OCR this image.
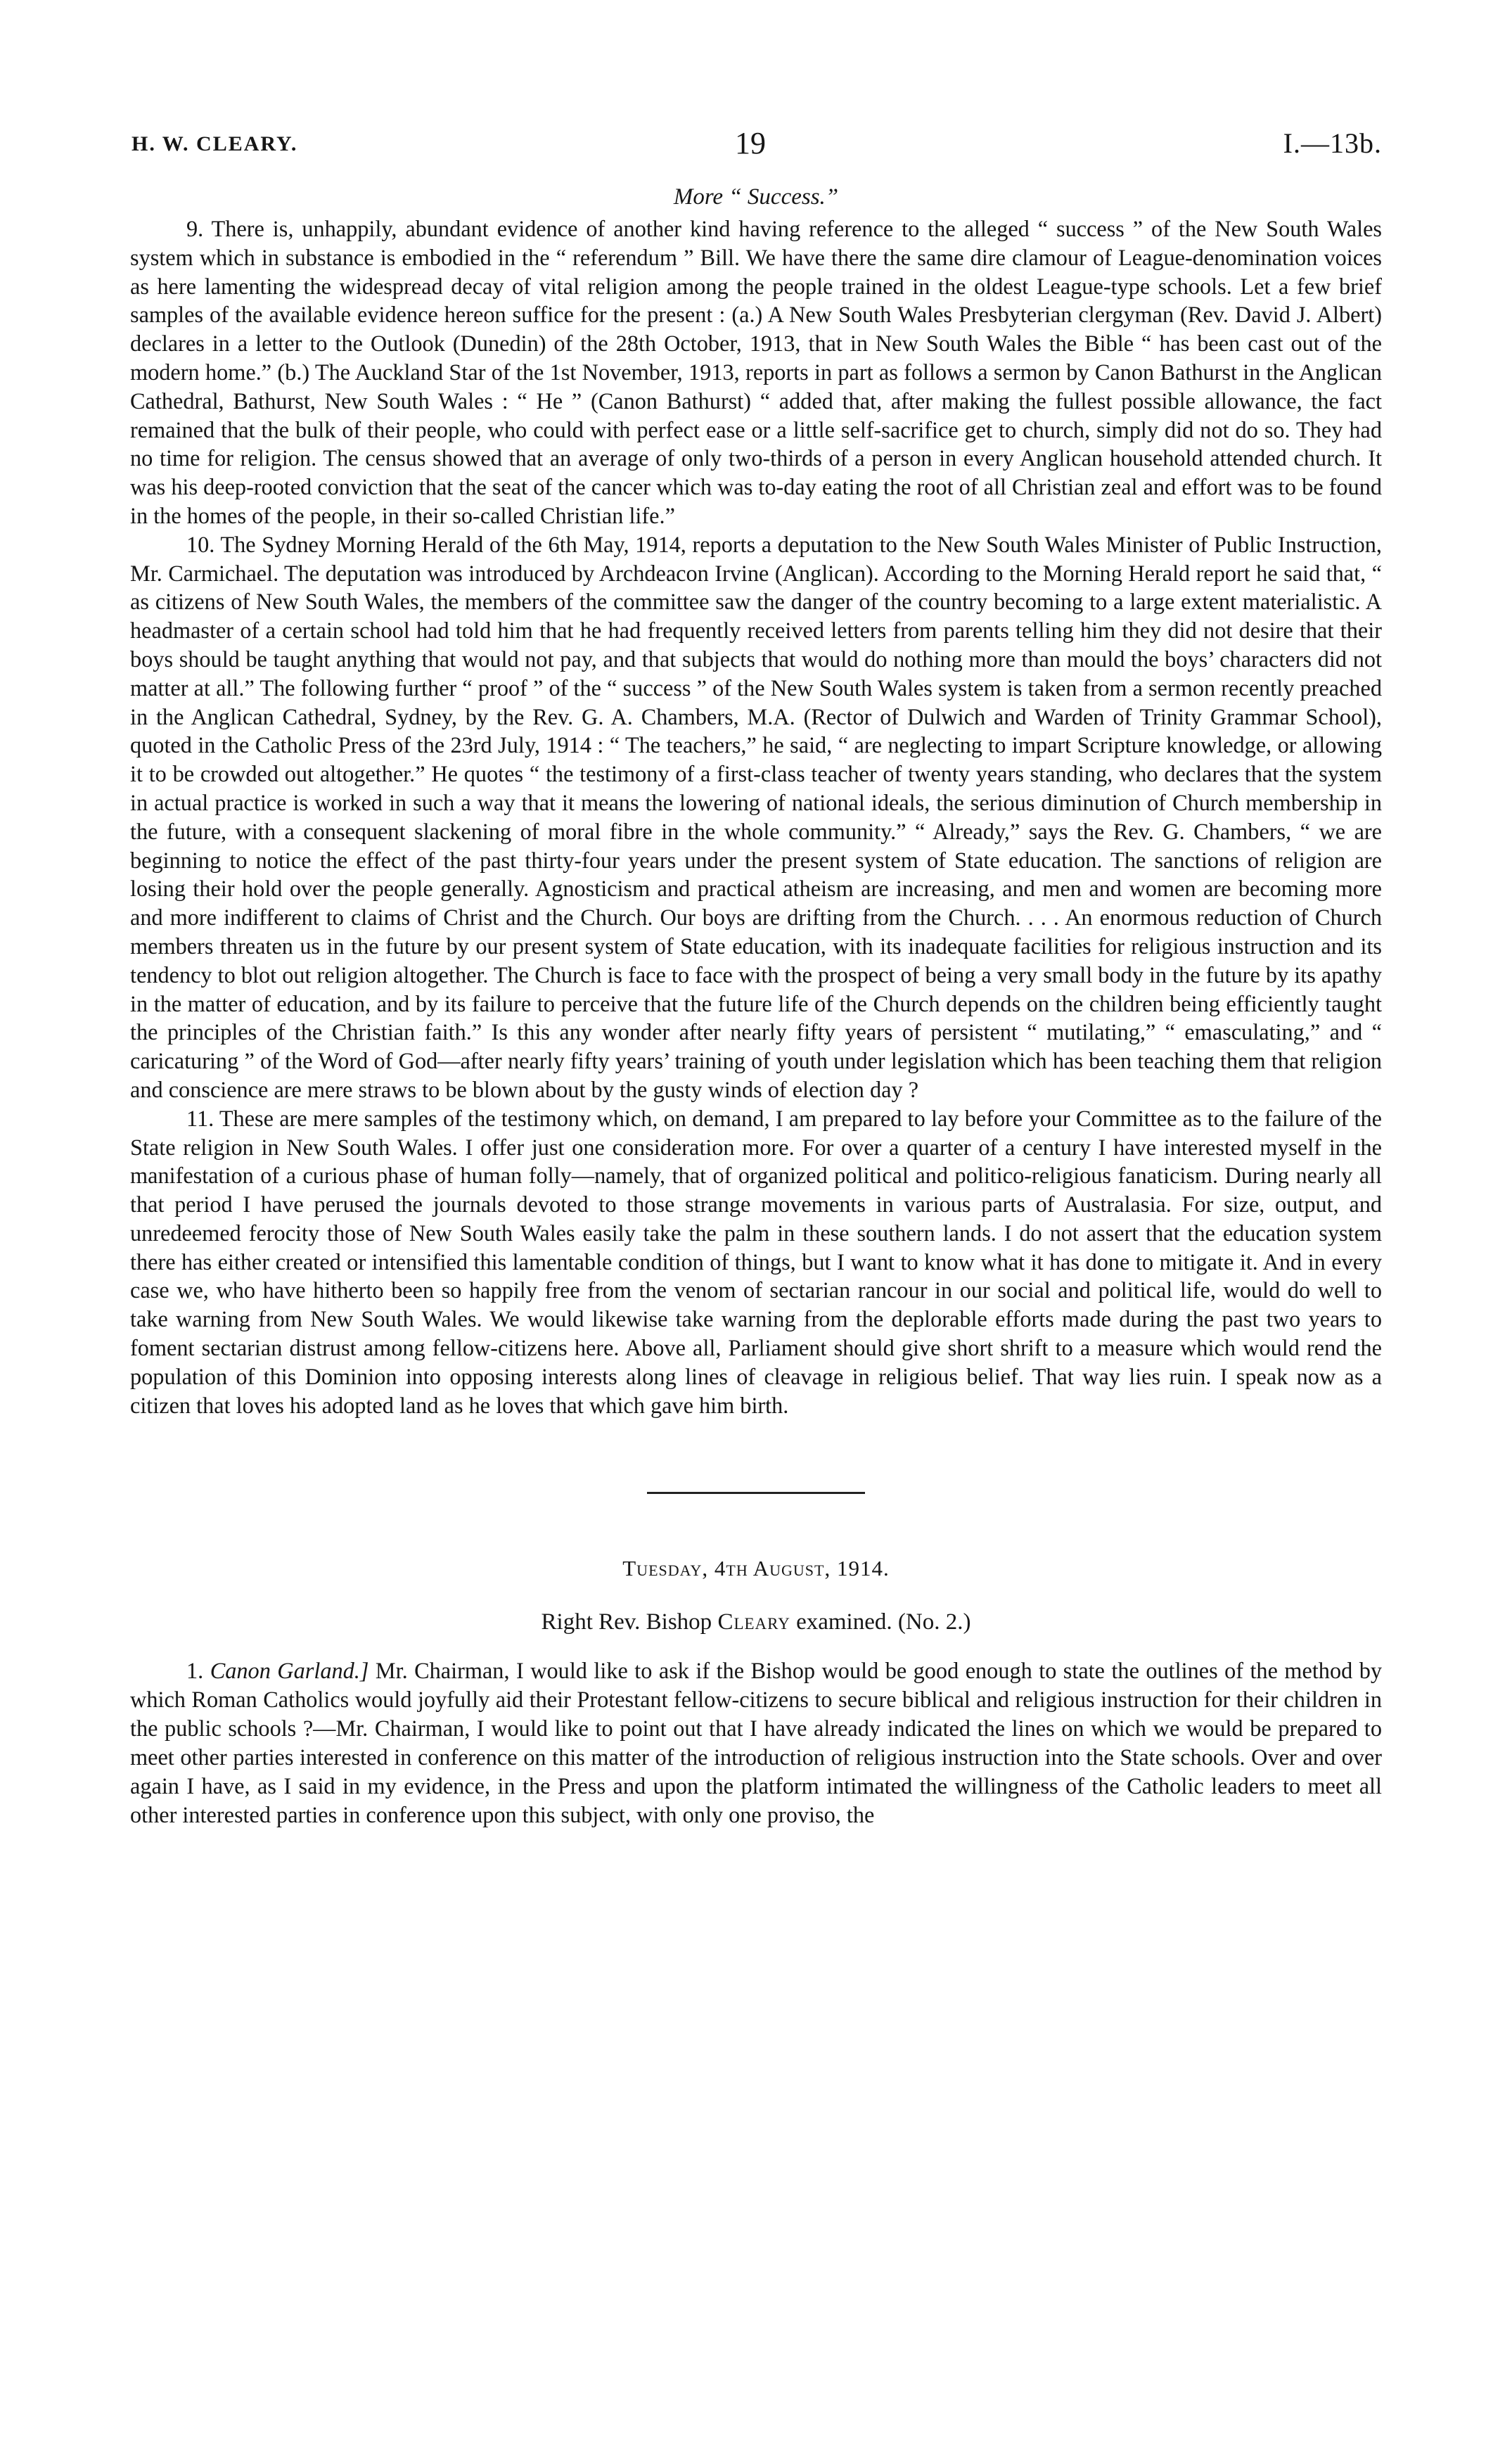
H. W. CLEARY.	19	I.—13b.
More “ Success.”

9. There is, unhappily, abundant evidence of another kind having reference to the alleged “ success ” of the New South Wales system which in substance is embodied in the “ referendum ” Bill. We have there the same dire clamour of League-denomination voices as here lamenting the widespread decay of vital religion among the people trained in the oldest League-type schools. Let a few brief samples of the available evidence hereon suffice for the present : (a.) A New South Wales Presbyterian clergyman (Rev. David J. Albert) declares in a letter to the Outlook (Dunedin) of the 28th October, 1913, that in New South Wales the Bible “ has been cast out of the modern home.” (b.) The Auckland Star of the 1st November, 1913, reports in part as follows a sermon by Canon Bathurst in the Anglican Cathedral, Bathurst, New South Wales : “ He ” (Canon Bathurst) “ added that, after making the fullest possible allowance, the fact remained that the bulk of their people, who could with perfect ease or a little self-sacrifice get to church, simply did not do so. They had no time for religion. The census showed that an average of only two-thirds of a person in every Anglican household attended church. It was his deep-rooted conviction that the seat of the cancer which was to-day eating the root of all Christian zeal and effort was to be found in the homes of the people, in their so-called Christian life.”

10. The Sydney Morning Herald of the 6th May, 1914, reports a deputation to the New South Wales Minister of Public Instruction, Mr. Carmichael. The deputation was introduced by Archdeacon Irvine (Anglican). According to the Morning Herald report he said that, “ as citizens of New South Wales, the members of the committee saw the danger of the country becoming to a large extent materialistic. A headmaster of a certain school had told him that he had frequently received letters from parents telling him they did not desire that their boys should be taught anything that would not pay, and that subjects that would do nothing more than mould the boys’ characters did not matter at all.” The following further “ proof ” of the “ success ” of the New South Wales system is taken from a sermon recently preached in the Anglican Cathedral, Sydney, by the Rev. G. A. Chambers, M.A. (Rector of Dulwich and Warden of Trinity Grammar School), quoted in the Catholic Press of the 23rd July, 1914 : “ The teachers,” he said, “ are neglecting to impart Scripture knowledge, or allowing it to be crowded out altogether.” He quotes “ the testimony of a first-class teacher of twenty years standing, who declares that the system in actual practice is worked in such a way that it means the lowering of national ideals, the serious diminution of Church membership in the future, with a consequent slackening of moral fibre in the whole community.” “ Already,” says the Rev. G. Chambers, “ we are beginning to notice the effect of the past thirty-four years under the present system of State education. The sanctions of religion are losing their hold over the people generally. Agnosticism and practical atheism are increasing, and men and women are becoming more and more indifferent to claims of Christ and the Church. Our boys are drifting from the Church. . . . An enormous reduction of Church members threaten us in the future by our present system of State education, with its inadequate facilities for religious instruction and its tendency to blot out religion altogether. The Church is face to face with the prospect of being a very small body in the future by its apathy in the matter of education, and by its failure to perceive that the future life of the Church depends on the children being efficiently taught the principles of the Christian faith.” Is this any wonder after nearly fifty years of persistent “ mutilating,” “ emasculating,” and “ caricaturing ” of the Word of God—after nearly fifty years’ training of youth under legislation which has been teaching them that religion and conscience are mere straws to be blown about by the gusty winds of election day ?

11. These are mere samples of the testimony which, on demand, I am prepared to lay before your Committee as to the failure of the State religion in New South Wales. I offer just one consideration more. For over a quarter of a century I have interested myself in the manifestation of a curious phase of human folly—namely, that of organized political and politico-religious fanaticism. During nearly all that period I have perused the journals devoted to those strange movements in various parts of Australasia. For size, output, and unredeemed ferocity those of New South Wales easily take the palm in these southern lands. I do not assert that the education system there has either created or intensified this lamentable condition of things, but I want to know what it has done to mitigate it. And in every case we, who have hitherto been so happily free from the venom of sectarian rancour in our social and political life, would do well to take warning from New South Wales. We would likewise take warning from the deplorable efforts made during the past two years to foment sectarian distrust among fellow-citizens here. Above all, Parliament should give short shrift to a measure which would rend the population of this Dominion into opposing interests along lines of cleavage in religious belief. That way lies ruin. I speak now as a citizen that loves his adopted land as he loves that which gave him birth.

Tuesday, 4th August, 1914.
Right Rev. Bishop Cleary examined. (No. 2.)

1. Canon Garland.] Mr. Chairman, I would like to ask if the Bishop would be good enough to state the outlines of the method by which Roman Catholics would joyfully aid their Protestant fellow-citizens to secure biblical and religious instruction for their children in the public schools ?—Mr. Chairman, I would like to point out that I have already indicated the lines on which we would be prepared to meet other parties interested in conference on this matter of the introduction of religious instruction into the State schools. Over and over again I have, as I said in my evidence, in the Press and upon the platform intimated the willingness of the Catholic leaders to meet all other interested parties in conference upon this subject, with only one proviso, the
